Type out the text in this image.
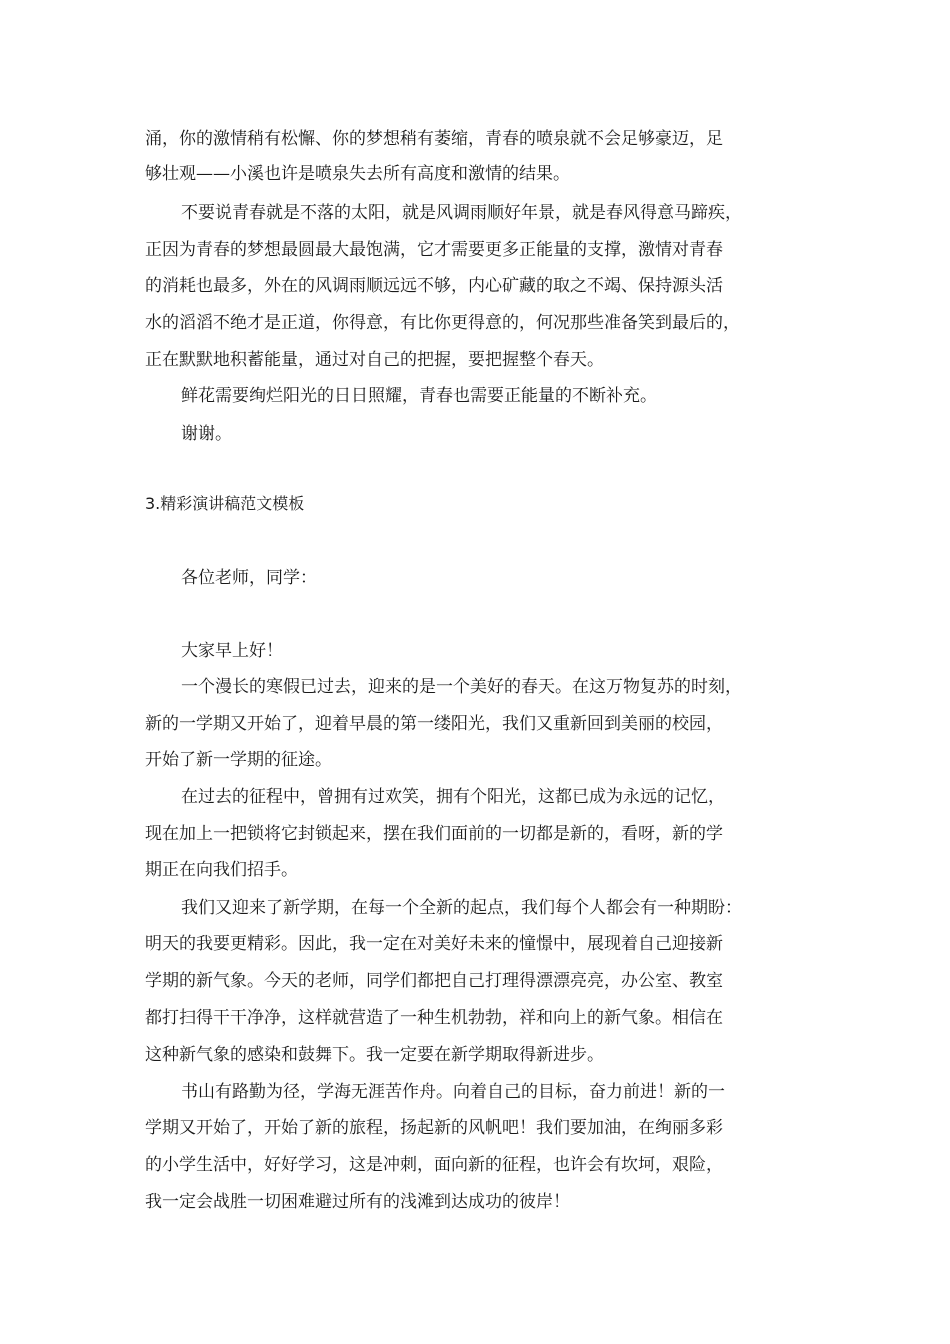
涌，你的激情稍有松懈、你的梦想稍有萎缩，青春的喷泉就不会足够豪迈，足
够壮观——小溪也许是喷泉失去所有高度和激情的结果。
不要说青春就是不落的太阳，就是风调雨顺好年景，就是春风得意马蹄疾，
正因为青春的梦想最圆最大最饱满，它才需要更多正能量的支撑，激情对青春
的消耗也最多，外在的风调雨顺远远不够，内心矿藏的取之不竭、保持源头活
水的滔滔不绝才是正道，你得意，有比你更得意的，何况那些准备笑到最后的，
正在默默地积蓄能量，通过对自己的把握，要把握整个春天。
鲜花需要绚烂阳光的日日照耀，青春也需要正能量的不断补充。
谢谢。
3.精彩演讲稿范文模板
各位老师，同学：
大家早上好！
一个漫长的寒假已过去，迎来的是一个美好的春天。在这万物复苏的时刻，
新的一学期又开始了，迎着早晨的第一缕阳光，我们又重新回到美丽的校园，
开始了新一学期的征途。
在过去的征程中，曾拥有过欢笑，拥有个阳光，这都已成为永远的记忆，
现在加上一把锁将它封锁起来，摆在我们面前的一切都是新的，看呀，新的学
期正在向我们招手。
我们又迎来了新学期，在每一个全新的起点，我们每个人都会有一种期盼：
明天的我要更精彩。因此，我一定在对美好未来的憧憬中，展现着自己迎接新
学期的新气象。今天的老师，同学们都把自己打理得漂漂亮亮，办公室、教室
都打扫得干干净净，这样就营造了一种生机勃勃，祥和向上的新气象。相信在
这种新气象的感染和鼓舞下。我一定要在新学期取得新进步。
书山有路勤为径，学海无涯苦作舟。向着自己的目标，奋力前进！新的一
学期又开始了，开始了新的旅程，扬起新的风帆吧！我们要加油，在绚丽多彩
的小学生活中，好好学习，这是冲刺，面向新的征程，也许会有坎坷，艰险，
我一定会战胜一切困难避过所有的浅滩到达成功的彼岸！
